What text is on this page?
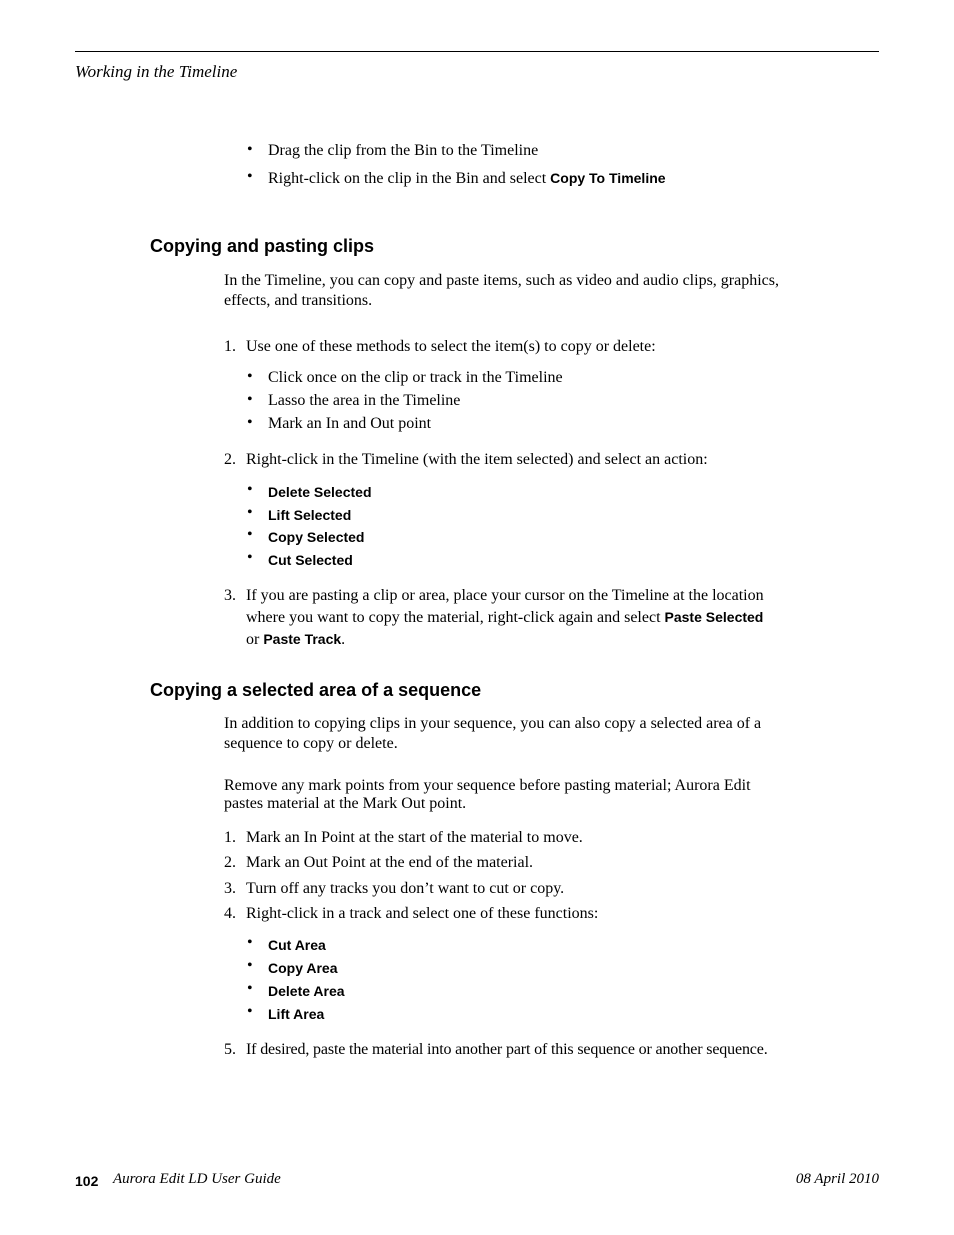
Working in the Timeline
• Drag the clip from the Bin to the Timeline
• Right-click on the clip in the Bin and select Copy To Timeline
Copying and pasting clips
In the Timeline, you can copy and paste items, such as video and audio clips, graphics,
effects, and transitions.
1. Use one of these methods to select the item(s) to copy or delete:
• Click once on the clip or track in the Timeline
• Lasso the area in the Timeline
• Mark an In and Out point
2. Right-click in the Timeline (with the item selected) and select an action:
• Delete Selected
• Lift Selected
• Copy Selected
• Cut Selected
3. If you are pasting a clip or area, place your cursor on the Timeline at the location
where you want to copy the material, right-click again and select Paste Selected
or Paste Track.
Copying a selected area of a sequence
In addition to copying clips in your sequence, you can also copy a selected area of a
sequence to copy or delete.
Remove any mark points from your sequence before pasting material; Aurora Edit
pastes material at the Mark Out point.
1. Mark an In Point at the start of the material to move.
2. Mark an Out Point at the end of the material.
3. Turn off any tracks you don’t want to cut or copy.
4. Right-click in a track and select one of these functions:
• Cut Area
• Copy Area
• Delete Area
• Lift Area
5. If desired, paste the material into another part of this sequence or another sequence.
102 Aurora Edit LD User Guide	08 April 2010
